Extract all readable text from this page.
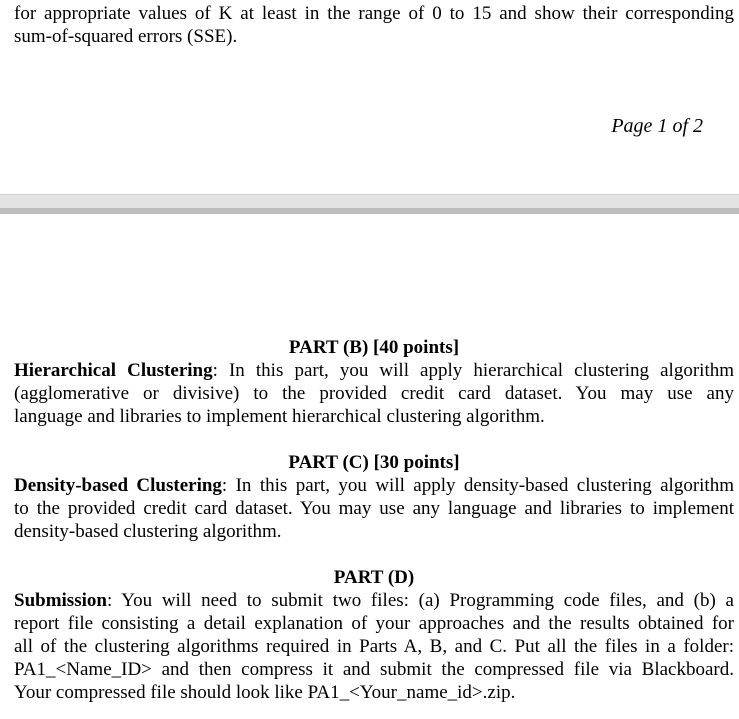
for appropriate values of K at least in the range of 0 to 15 and show their corresponding
sum-of-squared errors (SSE).

Page 1 of 2
PART (B) [40 points]

Hierarchical Clustering: In this part, you will apply hierarchical clustering algorithm
(agglomerative or divisive) to the provided credit card dataset. You may use any
language and libraries to implement hierarchical clustering algorithm.

PART (C) [30 points]

Density-based Clustering: In this part, you will apply density-based clustering algorithm
to the provided credit card dataset. You may use any language and libraries to implement
density-based clustering algorithm.

PART (D)

Submission: You will need to submit two files: (a) Programming code files, and (b) a
report file consisting a detail explanation of your approaches and the results obtained for
all of the clustering algorithms required in Parts A, B, and C. Put all the files in a folder:
PA1_<Name_ID> and then compress it and submit the compressed file via Blackboard.
Your compressed file should look like PA1_<Your_name_id>.zip.
